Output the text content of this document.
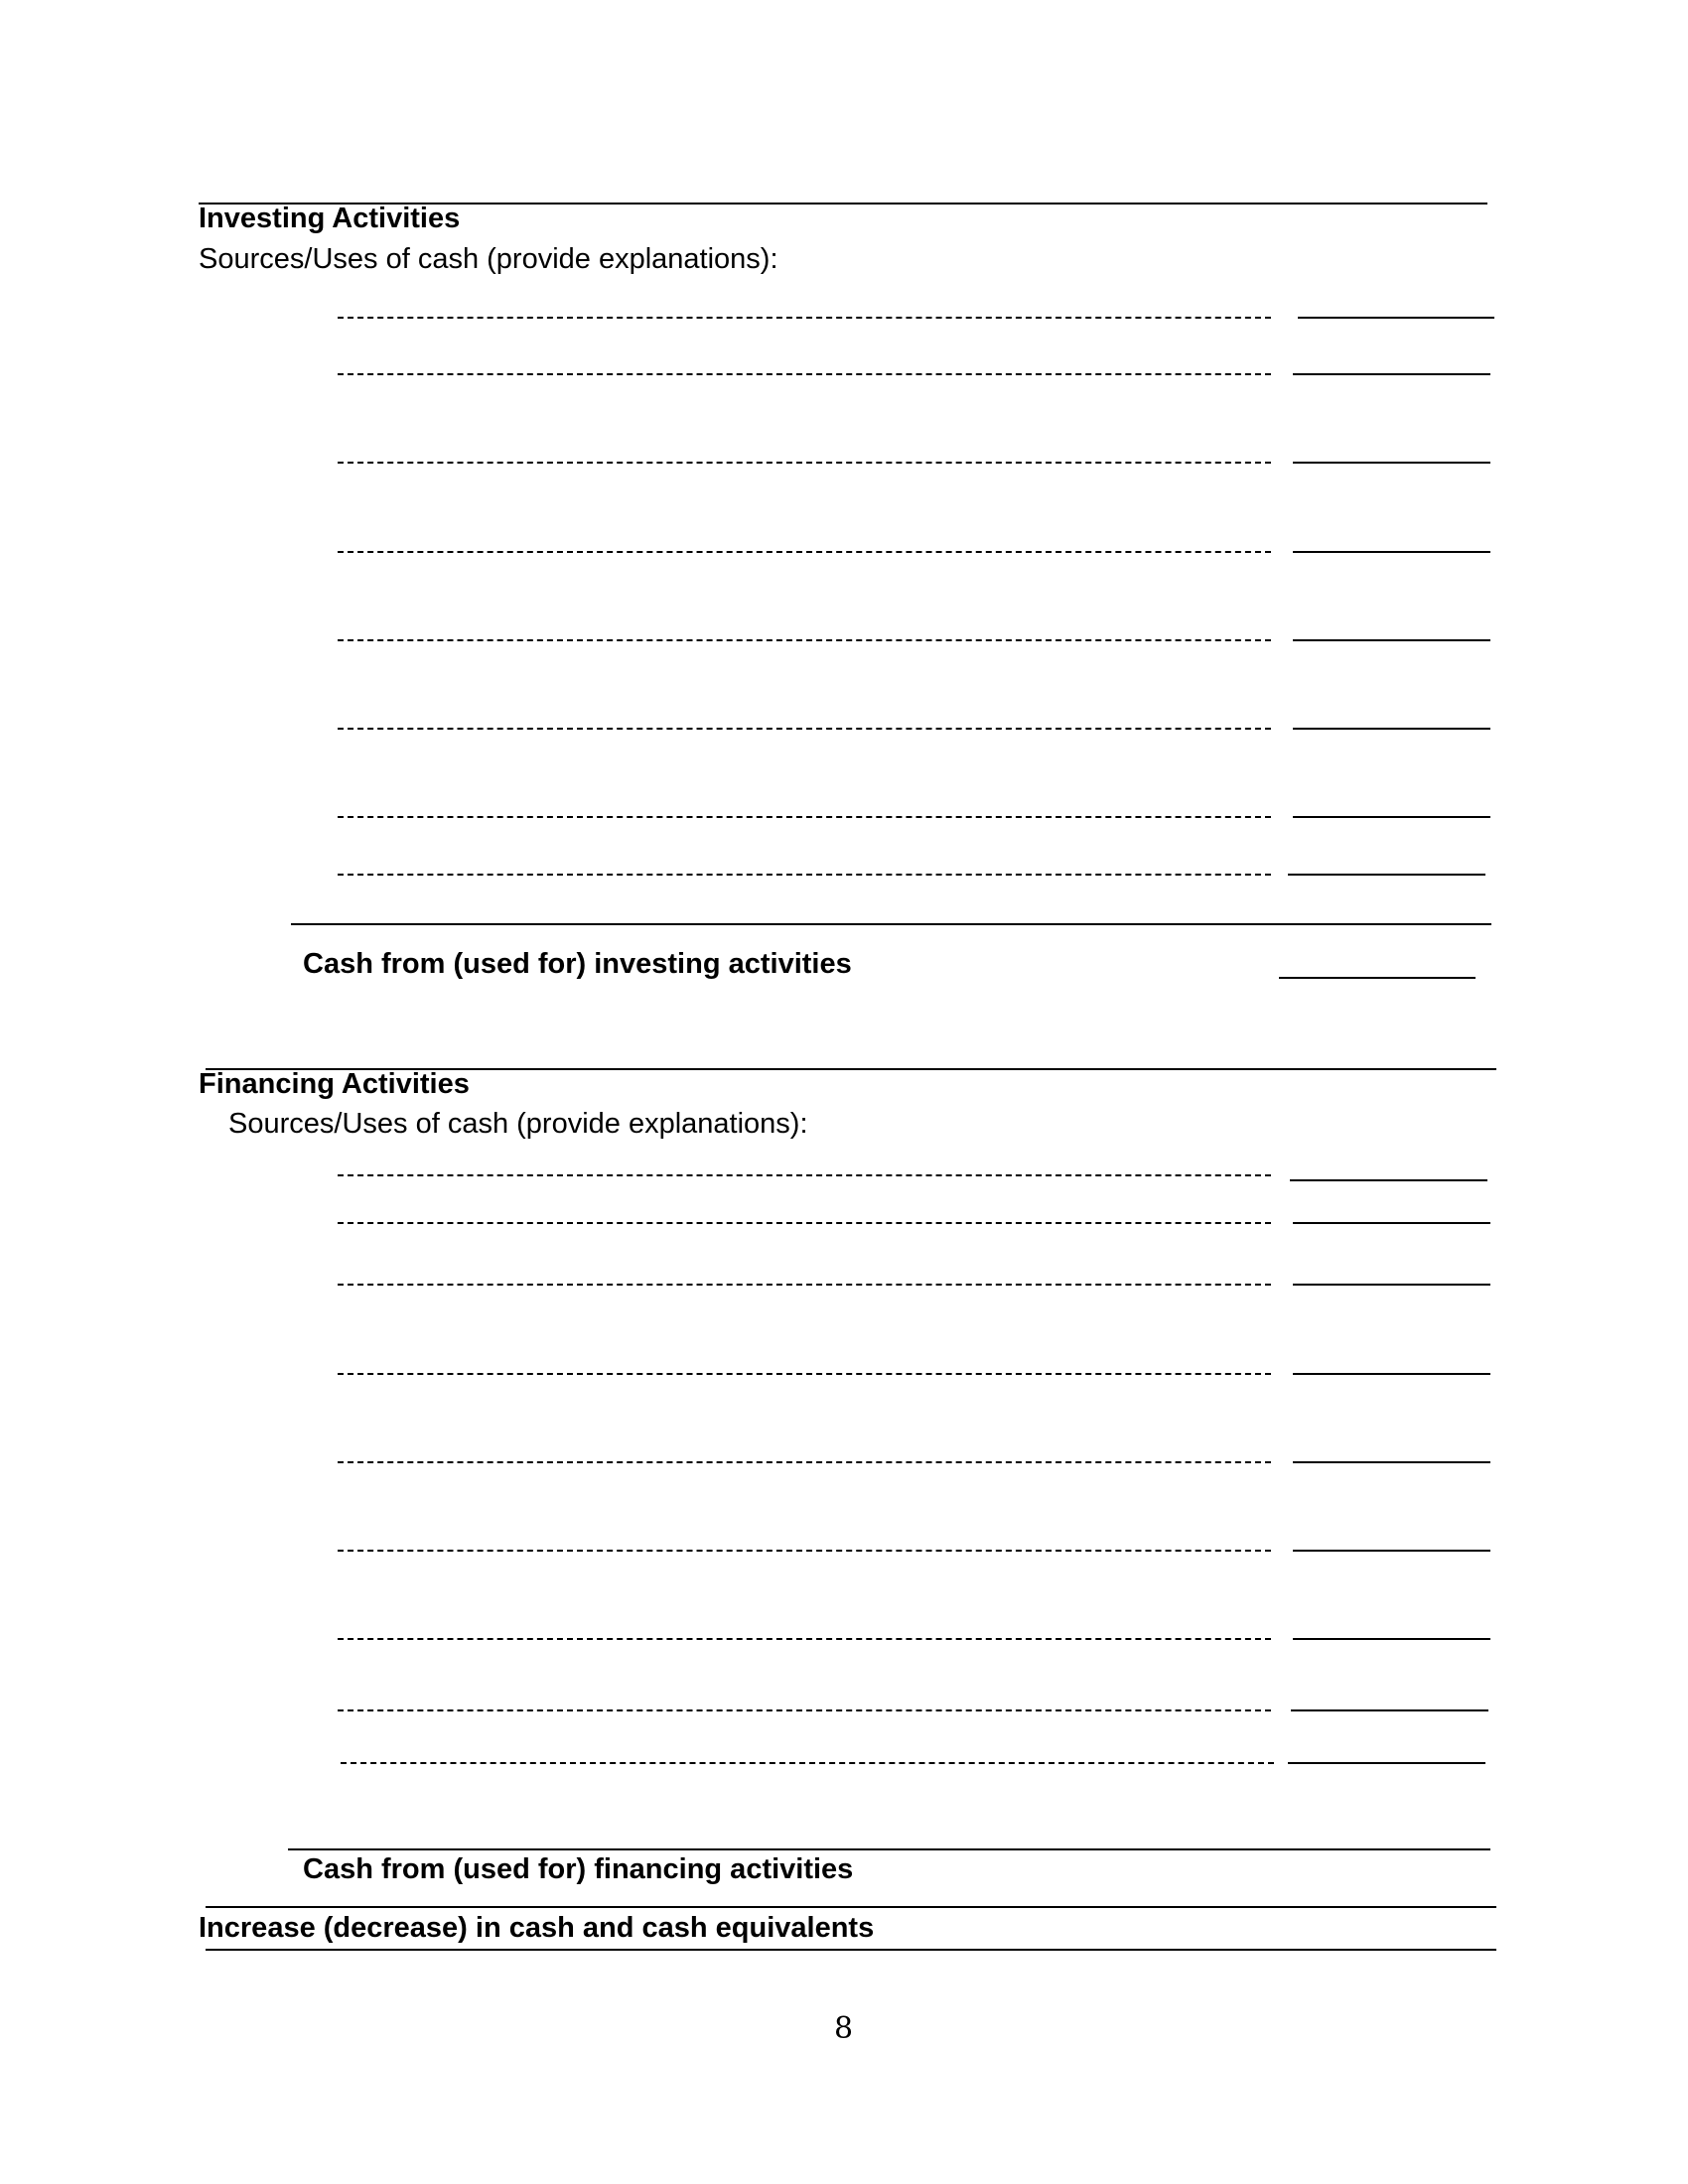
Investing Activities
Sources/Uses of cash (provide explanations):
Cash from (used for) investing activities
Financing Activities
Sources/Uses of cash (provide explanations):
Cash from (used for) financing activities
Increase (decrease) in cash and cash equivalents
8
